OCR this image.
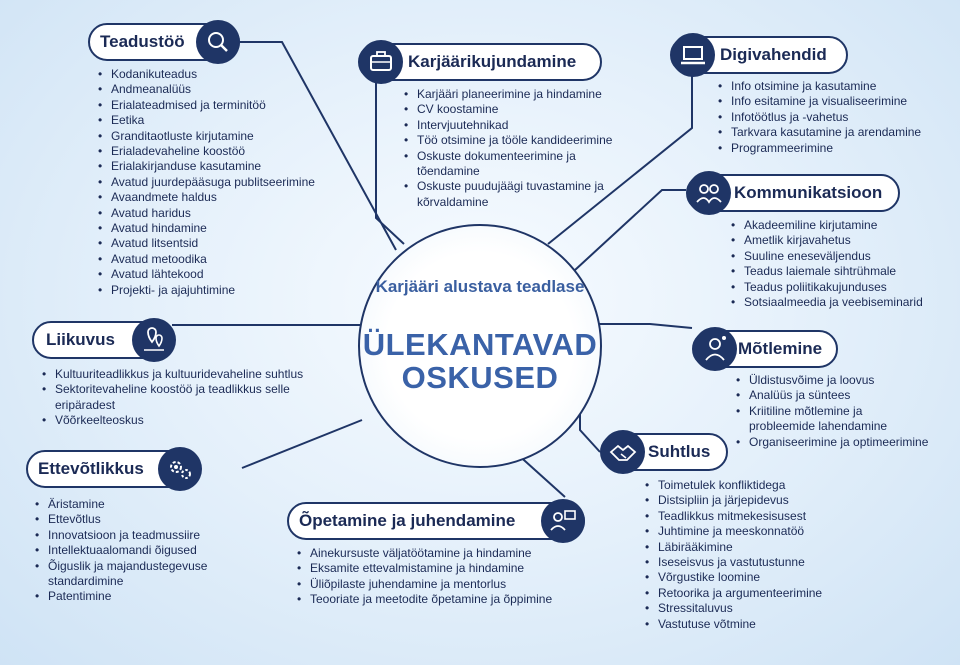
Karjääri alustava teadlase
ÜLEKANTAVAD OSKUSED
Teadustöö
• Kodanikuteadus
• Andmeanalüüs
• Erialateadmised ja terminitöö
• Eetika
• Granditaotluste kirjutamine
• Erialadevaheline koostöö
• Erialakirjanduse kasutamine
• Avatud juurdepääsuga publitseerimine
• Avaandmete haldus
• Avatud haridus
• Avatud hindamine
• Avatud litsentsid
• Avatud metoodika
• Avatud lähtekood
• Projekti- ja ajajuhtimine
Karjäärikujundamine
• Karjääri planeerimine ja hindamine
• CV koostamine
• Intervjuutehnikad
• Töö otsimine ja tööle kandideerimine
• Oskuste dokumenteerimine ja tõendamine
• Oskuste puudujäägi tuvastamine ja kõrvaldamine
Digivahendid
• Info otsimine ja kasutamine
• Info esitamine ja visualiseerimine
• Infotöötlus ja -vahetus
• Tarkvara kasutamine ja arendamine
• Programmeerimine
Kommunikatsioon
• Akadeemiline kirjutamine
• Ametlik kirjavahetus
• Suuline eneseväljendus
• Teadus laiemale sihtrühmale
• Teadus poliitikakujunduses
• Sotsiaalmeedia ja veebiseminarid
Mõtlemine
• Üldistusvõime ja loovus
• Analüüs ja süntees
• Kriitiline mõtlemine ja probleemide lahendamine
• Organiseerimine ja optimeerimine
Suhtlus
• Toimetulek konfliktidega
• Distsipliin ja järjepidevus
• Teadlikkus mitmekesisusest
• Juhtimine ja meeskonnatöö
• Läbirääkimine
• Iseseisvus ja vastutustunne
• Võrgustike loomine
• Retoorika ja argumenteerimine
• Stressitaluvus
• Vastutuse võtmine
Õpetamine ja juhendamine
• Ainekursuste väljatöötamine ja hindamine
• Eksamite ettevalmistamine ja hindamine
• Üliõpilaste juhendamine ja mentorlus
• Teooriate ja meetodite õpetamine ja õppimine
Ettevõtlikkus
• Äristamine
• Ettevõtlus
• Innovatsioon ja teadmussiire
• Intellektuaalomandi õigused
• Õiguslik ja majandustegevuse standardimine
• Patentimine
Liikuvus
• Kultuuriteadlikkus ja kultuuridevaheline suhtlus
• Sektoritevaheline koostöö ja teadlikkus selle eripäradest
• Võõrkeelteoskus
